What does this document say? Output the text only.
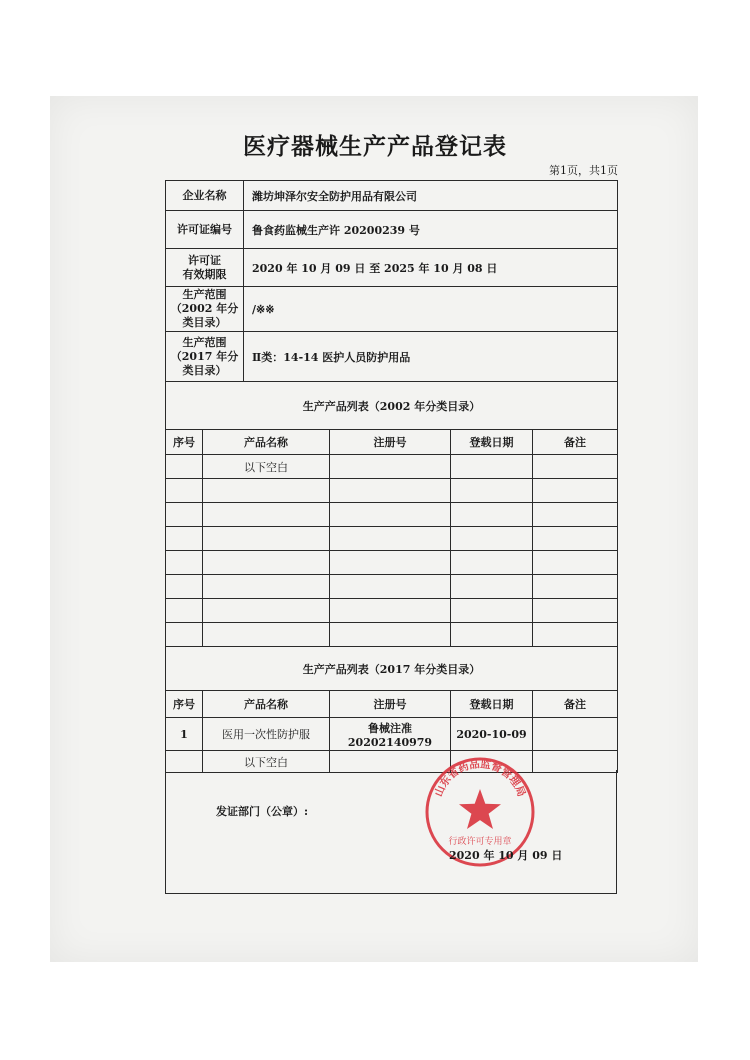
医疗器械生产产品登记表
第1页，共1页
企业名称		潍坊坤泽尔安全防护用品有限公司			
许可证编号		鲁食药监械生产许 20200239 号			

许可证
有效期限		2020 年 10 月 09 日 至 2025 年 10 月 08 日			

生产范围
（2002 年分
类目录）		/※※			

生产范围
（2017 年分
类目录）		Ⅱ类：14-14 医护人员防护用品			
生产产品列表（2002 年分类目录）					
序号	产品名称		注册号	登载日期	备注
	以下空白				

生产产品列表（2017 年分类目录）					
序号	产品名称		注册号	登载日期	备注
1	医用一次性防护服		鲁械注准
20202140979	2020-10-09	
	以下空白				
发证部门（公章）:
山东省药品监督管理局
行政许可专用章
2020 年 10 月 09 日
